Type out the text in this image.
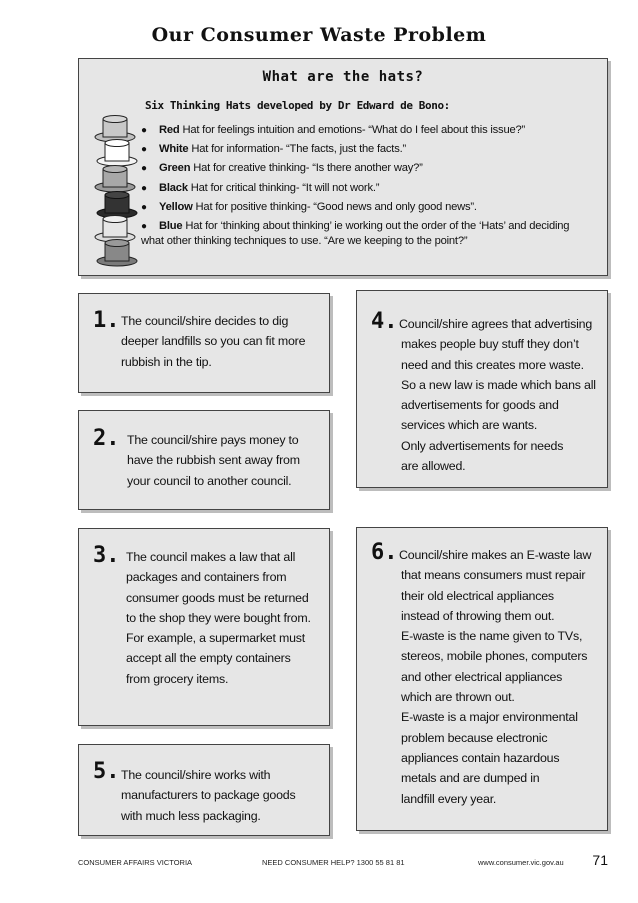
Our Consumer Waste Problem
What are the hats?
Six Thinking Hats developed by Dr Edward de Bono:
● Red Hat for feelings intuition and emotions- “What do I feel about this issue?”
● White Hat for information- “The facts, just the facts.”
● Green Hat for creative thinking- “Is there another way?”
● Black Hat for critical thinking- “It will not work.”
● Yellow Hat for positive thinking- “Good news and only good news”.
● Blue Hat for ‘thinking about thinking’ ie working out the order of the ‘Hats’ and deciding what other thinking techniques to use. “Are we keeping to the point?”
1. The council/shire decides to dig
deeper landfills so you can fit more
rubbish in the tip.
2. The council/shire pays money to
have the rubbish sent away from
your council to another council.
3. The council makes a law that all
packages and containers from
consumer goods must be returned
to the shop they were bought from.
For example, a supermarket must
accept all the empty containers
from grocery items.
4. Council/shire agrees that advertising
makes people buy stuff they don’t
need and this creates more waste.
So a new law is made which bans all
advertisements for goods and
services which are wants.
Only advertisements for needs
are allowed.
5. The council/shire works with
manufacturers to package goods
with much less packaging.
6. Council/shire makes an E-waste law
that means consumers must repair
their old electrical appliances
instead of throwing them out.
E-waste is the name given to TVs,
stereos, mobile phones, computers
and other electrical appliances
which are thrown out.
E-waste is a major environmental
problem because electronic
appliances contain hazardous
metals and are dumped in
landfill every year.
CONSUMER AFFAIRS VICTORIA	NEED CONSUMER HELP? 1300 55 81 81	www.consumer.vic.gov.au 71
